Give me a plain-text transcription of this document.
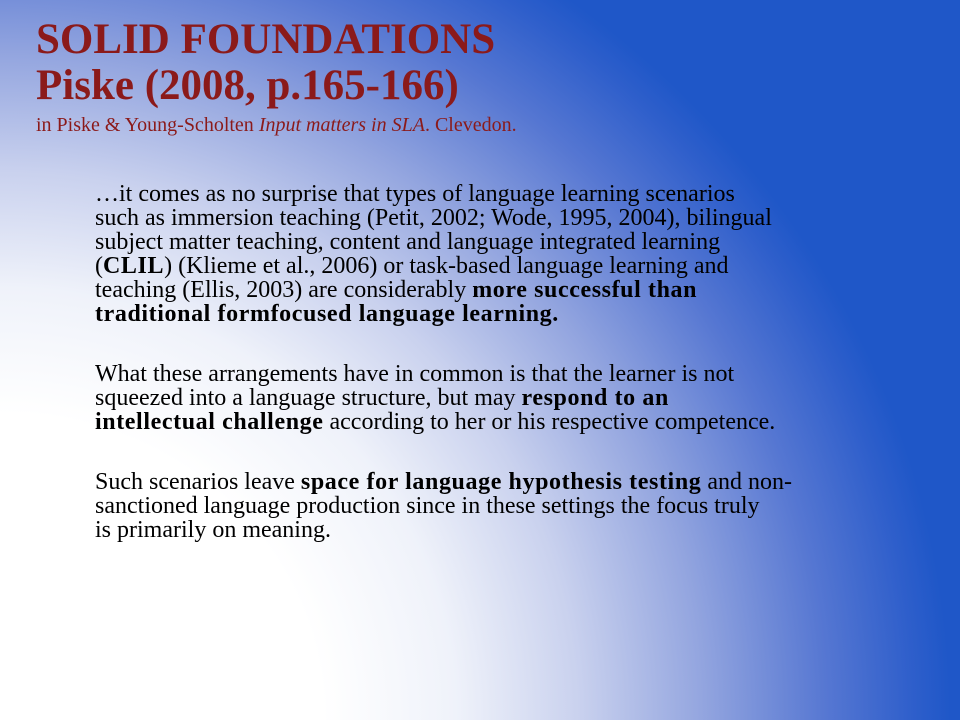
SOLID FOUNDATIONS
Piske (2008, p.165-166)

in Piske & Young-Scholten Input matters in SLA. Clevedon.

…it comes as no surprise that types of language learning scenarios
such as immersion teaching (Petit, 2002; Wode, 1995, 2004), bilingual
subject matter teaching, content and language integrated learning
(CLIL) (Klieme et al., 2006) or task-based language learning and
teaching (Ellis, 2003) are considerably more successful than
traditional formfocused language learning.

What these arrangements have in common is that the learner is not
squeezed into a language structure, but may respond to an
intellectual challenge according to her or his respective competence.

Such scenarios leave space for language hypothesis testing and non-
sanctioned language production since in these settings the focus truly
is primarily on meaning.
